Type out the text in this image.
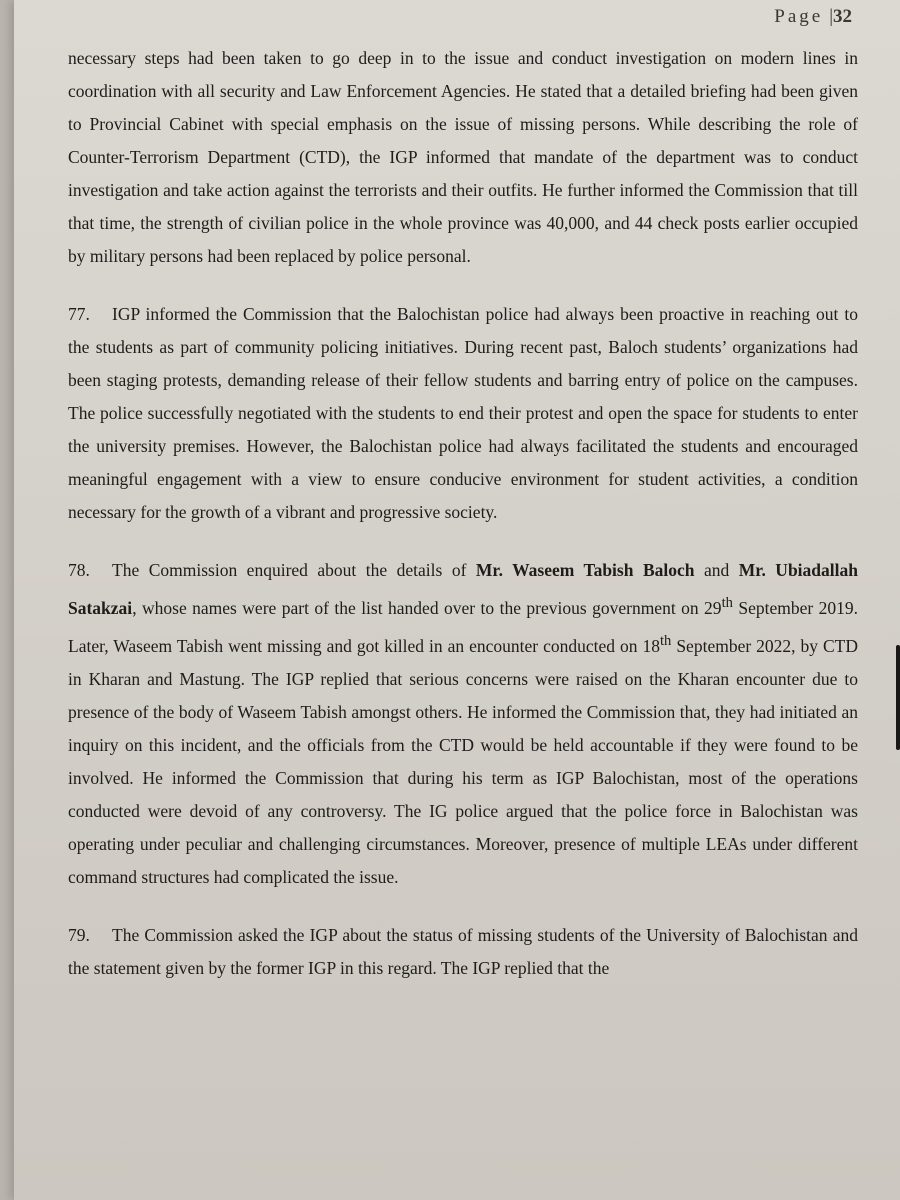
Page |32

necessary steps had been taken to go deep in to the issue and conduct investigation on modern lines in coordination with all security and Law Enforcement Agencies. He stated that a detailed briefing had been given to Provincial Cabinet with special emphasis on the issue of missing persons. While describing the role of Counter-Terrorism Department (CTD), the IGP informed that mandate of the department was to conduct investigation and take action against the terrorists and their outfits. He further informed the Commission that till that time, the strength of civilian police in the whole province was 40,000, and 44 check posts earlier occupied by military persons had been replaced by police personal.

77. IGP informed the Commission that the Balochistan police had always been proactive in reaching out to the students as part of community policing initiatives. During recent past, Baloch students’ organizations had been staging protests, demanding release of their fellow students and barring entry of police on the campuses. The police successfully negotiated with the students to end their protest and open the space for students to enter the university premises. However, the Balochistan police had always facilitated the students and encouraged meaningful engagement with a view to ensure conducive environment for student activities, a condition necessary for the growth of a vibrant and progressive society.

78. The Commission enquired about the details of Mr. Waseem Tabish Baloch and Mr. Ubiadallah Satakzai, whose names were part of the list handed over to the previous government on 29th September 2019. Later, Waseem Tabish went missing and got killed in an encounter conducted on 18th September 2022, by CTD in Kharan and Mastung. The IGP replied that serious concerns were raised on the Kharan encounter due to presence of the body of Waseem Tabish amongst others. He informed the Commission that, they had initiated an inquiry on this incident, and the officials from the CTD would be held accountable if they were found to be involved. He informed the Commission that during his term as IGP Balochistan, most of the operations conducted were devoid of any controversy. The IG police argued that the police force in Balochistan was operating under peculiar and challenging circumstances. Moreover, presence of multiple LEAs under different command structures had complicated the issue.

79. The Commission asked the IGP about the status of missing students of the University of Balochistan and the statement given by the former IGP in this regard. The IGP replied that the
